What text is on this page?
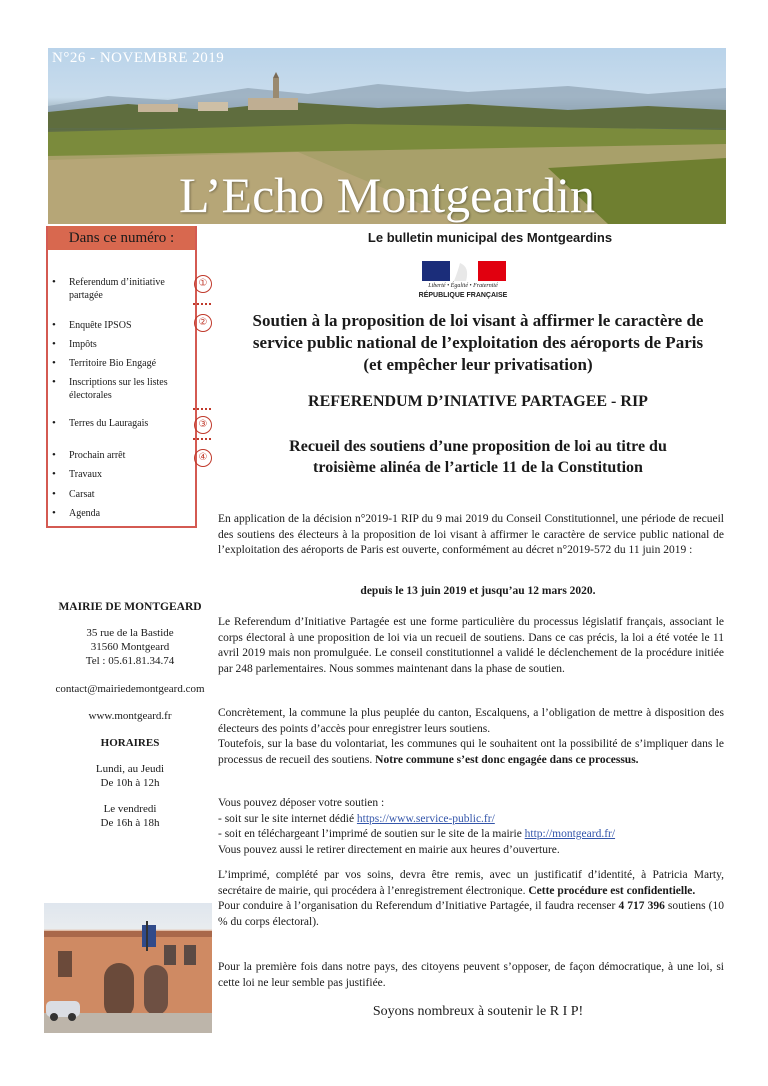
N°26 - NOVEMBRE 2019
L’Echo Montgeardin
Dans ce numéro :
• Referendum d’initiative partagée
• Enquête IPSOS
• Impôts
• Territoire Bio Engagé
• Inscriptions sur les listes électorales
• Terres du Lauragais
• Prochain arrêt
• Travaux
• Carsat
• Agenda
①
②
③
④
MAIRIE DE MONTGEARD
35 rue de la Bastide
31560 Montgeard
Tel : 05.61.81.34.74
contact@mairiedemontgeard.com
www.montgeard.fr
HORAIRES
Lundi, au Jeudi
De 10h à 12h
Le vendredi
De 16h à 18h
Le bulletin municipal des Montgeardins
Liberté • Égalité • Fraternité
RÉPUBLIQUE FRANÇAISE
Soutien à la proposition de loi visant à affirmer le caractère de
service public national de l’exploitation des aéroports de Paris
(et empêcher leur privatisation)
REFERENDUM D’INIATIVE PARTAGEE - RIP
Recueil des soutiens d’une proposition de loi au titre du
troisième alinéa de l’article 11 de la Constitution
En application de la décision n°2019-1 RIP du 9 mai 2019 du Conseil Constitutionnel, une période de recueil des soutiens des électeurs à la proposition de loi visant à affirmer le caractère de service public national de l’exploitation des aéroports de Paris est ouverte, conformément au décret n°2019-572 du 11 juin 2019 :
depuis le 13 juin 2019 et jusqu’au 12 mars 2020.
Le Referendum d’Initiative Partagée est une forme particulière du processus législatif français, associant le corps électoral à une proposition de loi via un recueil de soutiens. Dans ce cas précis, la loi a été votée le 11 avril 2019 mais non promulguée. Le conseil constitutionnel a validé le déclenchement de la procédure initiée par 248 parlementaires. Nous sommes maintenant dans la phase de soutien.
Concrètement, la commune la plus peuplée du canton, Escalquens, a l’obligation de mettre à disposition des électeurs des points d’accès pour enregistrer leurs soutiens.
Toutefois, sur la base du volontariat, les communes qui le souhaitent ont la possibilité de s’impliquer dans le processus de recueil des soutiens. Notre commune s’est donc engagée dans ce processus.
Vous pouvez déposer votre soutien :
- soit sur le site internet dédié https://www.service-public.fr/
- soit en téléchargeant l’imprimé de soutien sur le site de la mairie http://montgeard.fr/
Vous pouvez aussi le retirer directement en mairie aux heures d’ouverture.
L’imprimé, complété par vos soins, devra être remis, avec un justificatif d’identité, à Patricia Marty, secrétaire de mairie, qui procédera à l’enregistrement électronique. Cette procédure est confidentielle.
Pour conduire à l’organisation du Referendum d’Initiative Partagée, il faudra recenser 4 717 396 soutiens (10 % du corps électoral).
Pour la première fois dans notre pays, des citoyens peuvent s’opposer, de façon démocratique, à une loi, si cette loi ne leur semble pas justifiée.
Soyons nombreux à soutenir le R I P!
